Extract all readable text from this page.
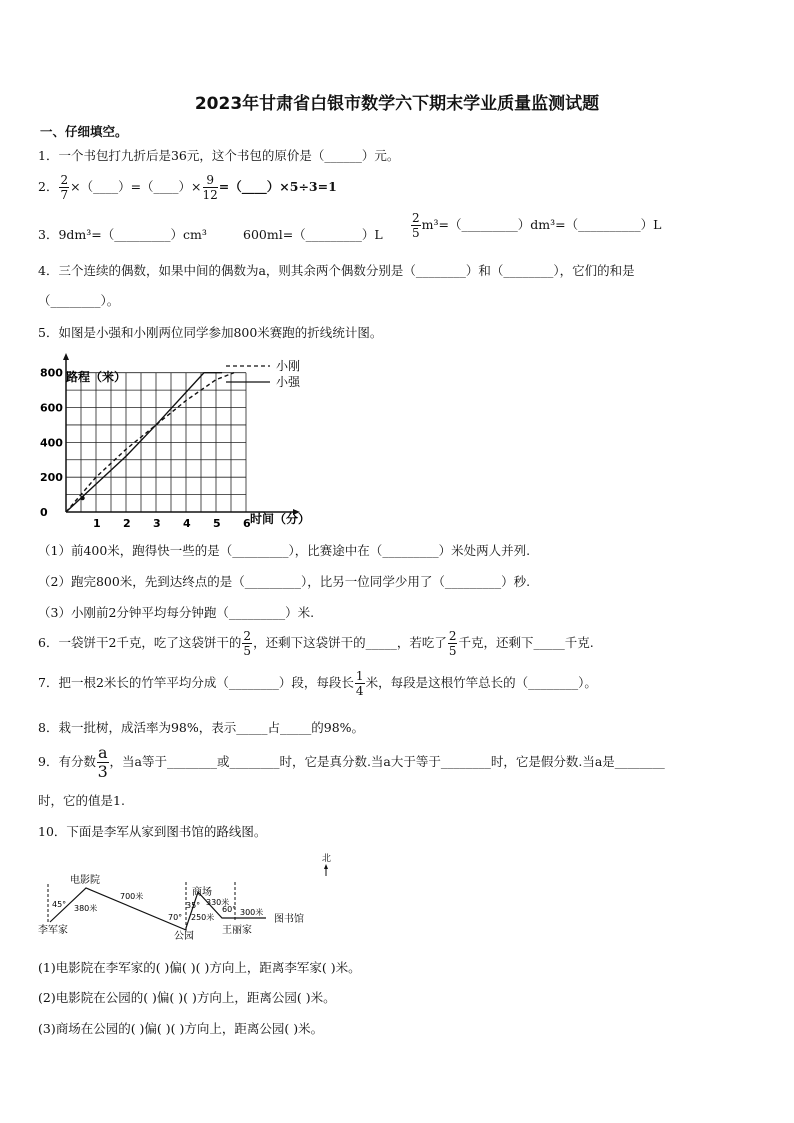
2023年甘肃省白银市数学六下期末学业质量监测试题
一、仔细填空。
1．一个书包打九折后是36元，这个书包的原价是（______）元。
2． $\frac{2}{7}$ ×（____）=（____）× $\frac{9}{12}$ =（____）×5÷3=1
3．9dm³=（_________）cm³	600ml=（_________）L $\frac{2}{5}$ m³=（_________）dm³=（__________）L
4．三个连续的偶数，如果中间的偶数为a，则其余两个偶数分别是（________）和（________），它们的和是
（________）。
5．如图是小强和小刚两位同学参加800米赛跑的折线统计图。
0
200
400
600
800
1 2 3 4 5 6
路程（米）
时间（分）
小刚
小强
（1）前400米，跑得快一些的是（_________），比赛途中在（_________）米处两人并列.
（2）跑完800米，先到达终点的是（_________），比另一位同学少用了（_________）秒.
（3）小刚前2分钟平均每分钟跑（_________）米.
6．一袋饼干2千克，吃了这袋饼干的 $\frac{2}{5}$ ，还剩下这袋饼干的_____，若吃了 $\frac{2}{5}$ 千克，还剩下_____千克.
7．把一根2米长的竹竿平均分成（________）段，每段长 $\frac{1}{4}$ 米，每段是这根竹竿总长的（________）。
8．栽一批树，成活率为98%，表示_____占_____的98%。
9．有分数 $\frac{a}{3}$ ，当a等于________或________时，它是真分数.当a大于等于________时，它是假分数.当a是________
时，它的值是1.
10．下面是李军从家到图书馆的路线图。
北
电影院
李军家
公园
商场
王丽家
图书馆
45° 380米
700米
70°
35° 330米
250米
60° 300米
(1)电影院在李军家的( )偏( )( )方向上，距离李军家( )米。
(2)电影院在公园的( )偏( )( )方向上，距离公园( )米。
(3)商场在公园的( )偏( )( )方向上，距离公园( )米。
